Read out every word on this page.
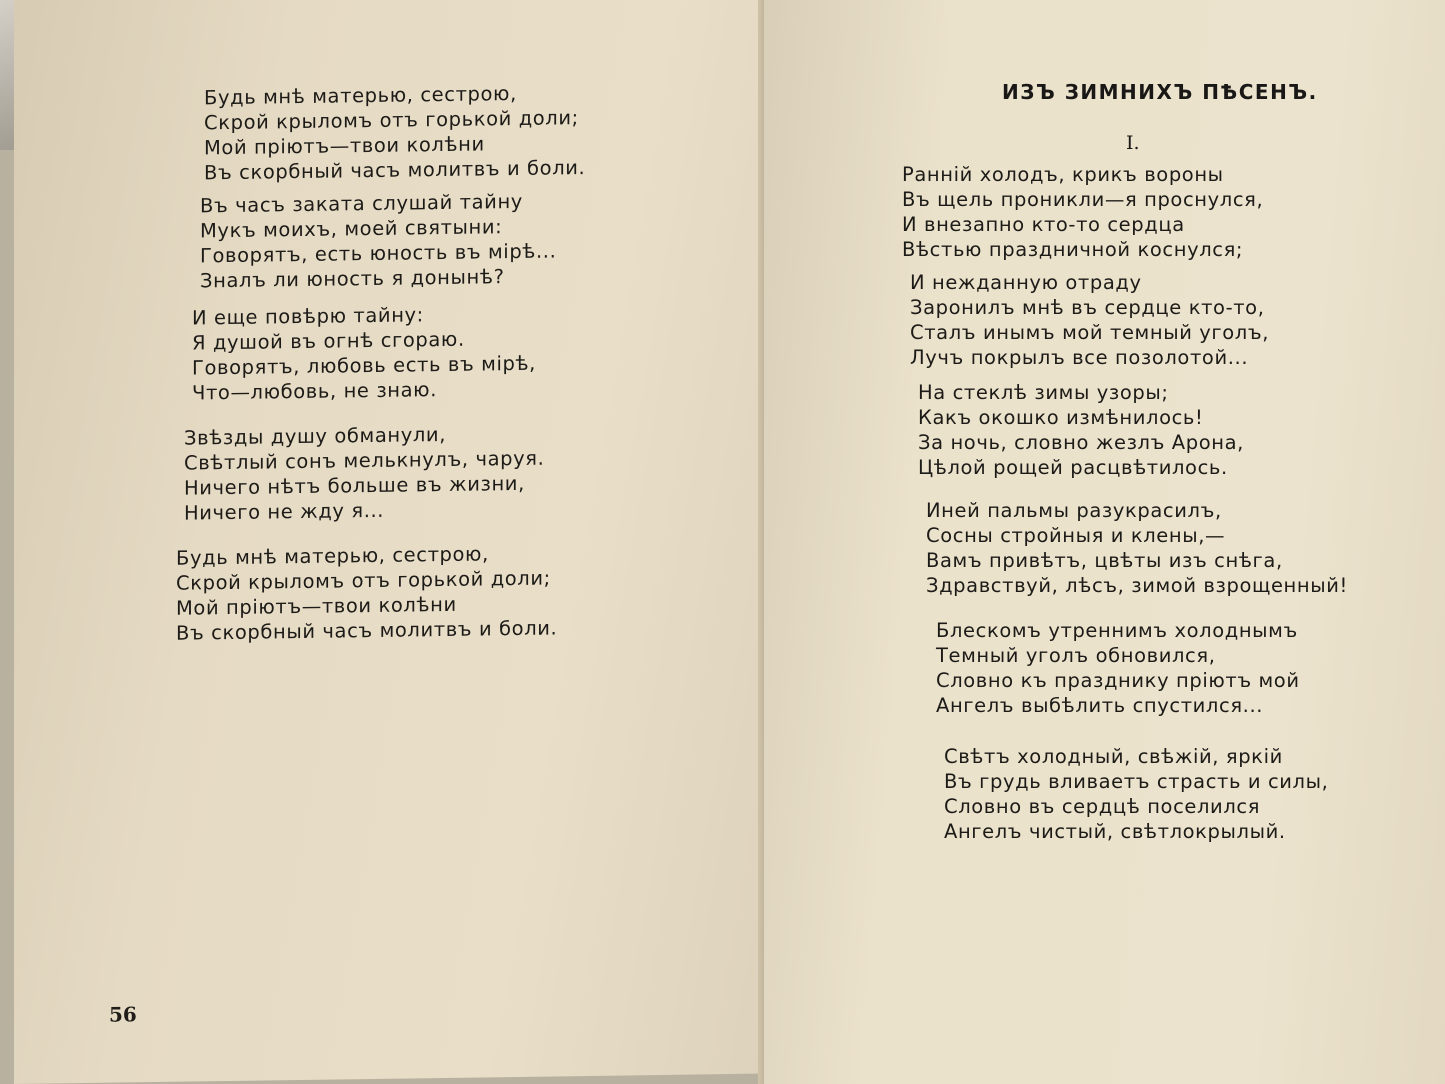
Будь мнѣ матерью, сестрою,
Скрой крыломъ отъ горькой доли;
Мой прiютъ—твои колѣни
Въ скорбный часъ молитвъ и боли.
Въ часъ заката слушай тайну
Мукъ моихъ, моей святыни:
Говорятъ, есть юность въ мiрѣ...
Зналъ ли юность я донынѣ?
И еще повѣрю тайну:
Я душой въ огнѣ сгораю.
Говорятъ, любовь есть въ мiрѣ,
Что—любовь, не знаю.
Звѣзды душу обманули,
Свѣтлый сонъ мелькнулъ, чаруя.
Ничего нѣтъ больше въ жизни,
Ничего не жду я...
Будь мнѣ матерью, сестрою,
Скрой крыломъ отъ горькой доли;
Мой прiютъ—твои колѣни
Въ скорбный часъ молитвъ и боли.
56
ИЗЪ ЗИМНИХЪ ПѢСЕНЪ.
I.
Ранній холодъ, крикъ вороны
Въ щель проникли—я проснулся,
И внезапно кто-то сердца
Вѣстью праздничной коснулся;
И нежданную отраду
Заронилъ мнѣ въ сердце кто-то,
Сталъ инымъ мой темный уголъ,
Лучъ покрылъ все позолотой...
На стеклѣ зимы узоры;
Какъ окошко измѣнилось!
За ночь, словно жезлъ Арона,
Цѣлой рощей расцвѣтилось.
Иней пальмы разукрасилъ,
Сосны стройныя и клены,—
Вамъ привѣтъ, цвѣты изъ снѣга,
Здравствуй, лѣсъ, зимой взрощенный!
Блескомъ утреннимъ холоднымъ
Темный уголъ обновился,
Словно къ празднику прiютъ мой
Ангелъ выбѣлить спустился...
Свѣтъ холодный, свѣжій, яркій
Въ грудь вливаетъ страсть и силы,
Словно въ сердцѣ поселился
Ангелъ чистый, свѣтлокрылый.
